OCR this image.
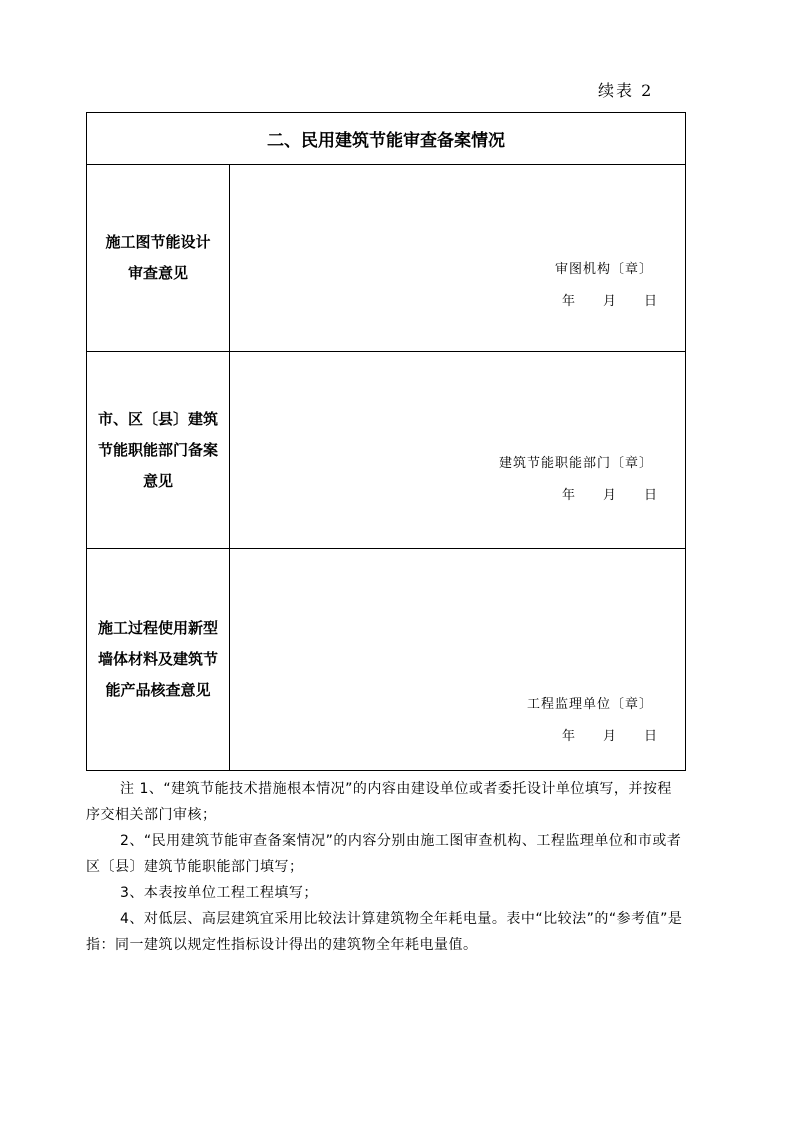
续表 2
二、民用建筑节能审查备案情况
施工图节能设计
审查意见	审图机构〔章〕
年 月 日
市、区〔县〕建筑
节能职能部门备案
意见
建筑节能职能部门〔章〕
年 月 日
施工过程使用新型
墙体材料及建筑节
能产品核查意见
工程监理单位〔章〕
年 月 日

注 1、“建筑节能技术措施根本情况”的内容由建设单位或者委托设计单位填写，并按程序交相关部门审核；

2、“民用建筑节能审查备案情况”的内容分别由施工图审查机构、工程监理单位和市或者区〔县〕建筑节能职能部门填写；

3、本表按单位工程工程填写；

4、对低层、高层建筑宜采用比较法计算建筑物全年耗电量。表中“比较法”的“参考值”是指：同一建筑以规定性指标设计得出的建筑物全年耗电量值。
